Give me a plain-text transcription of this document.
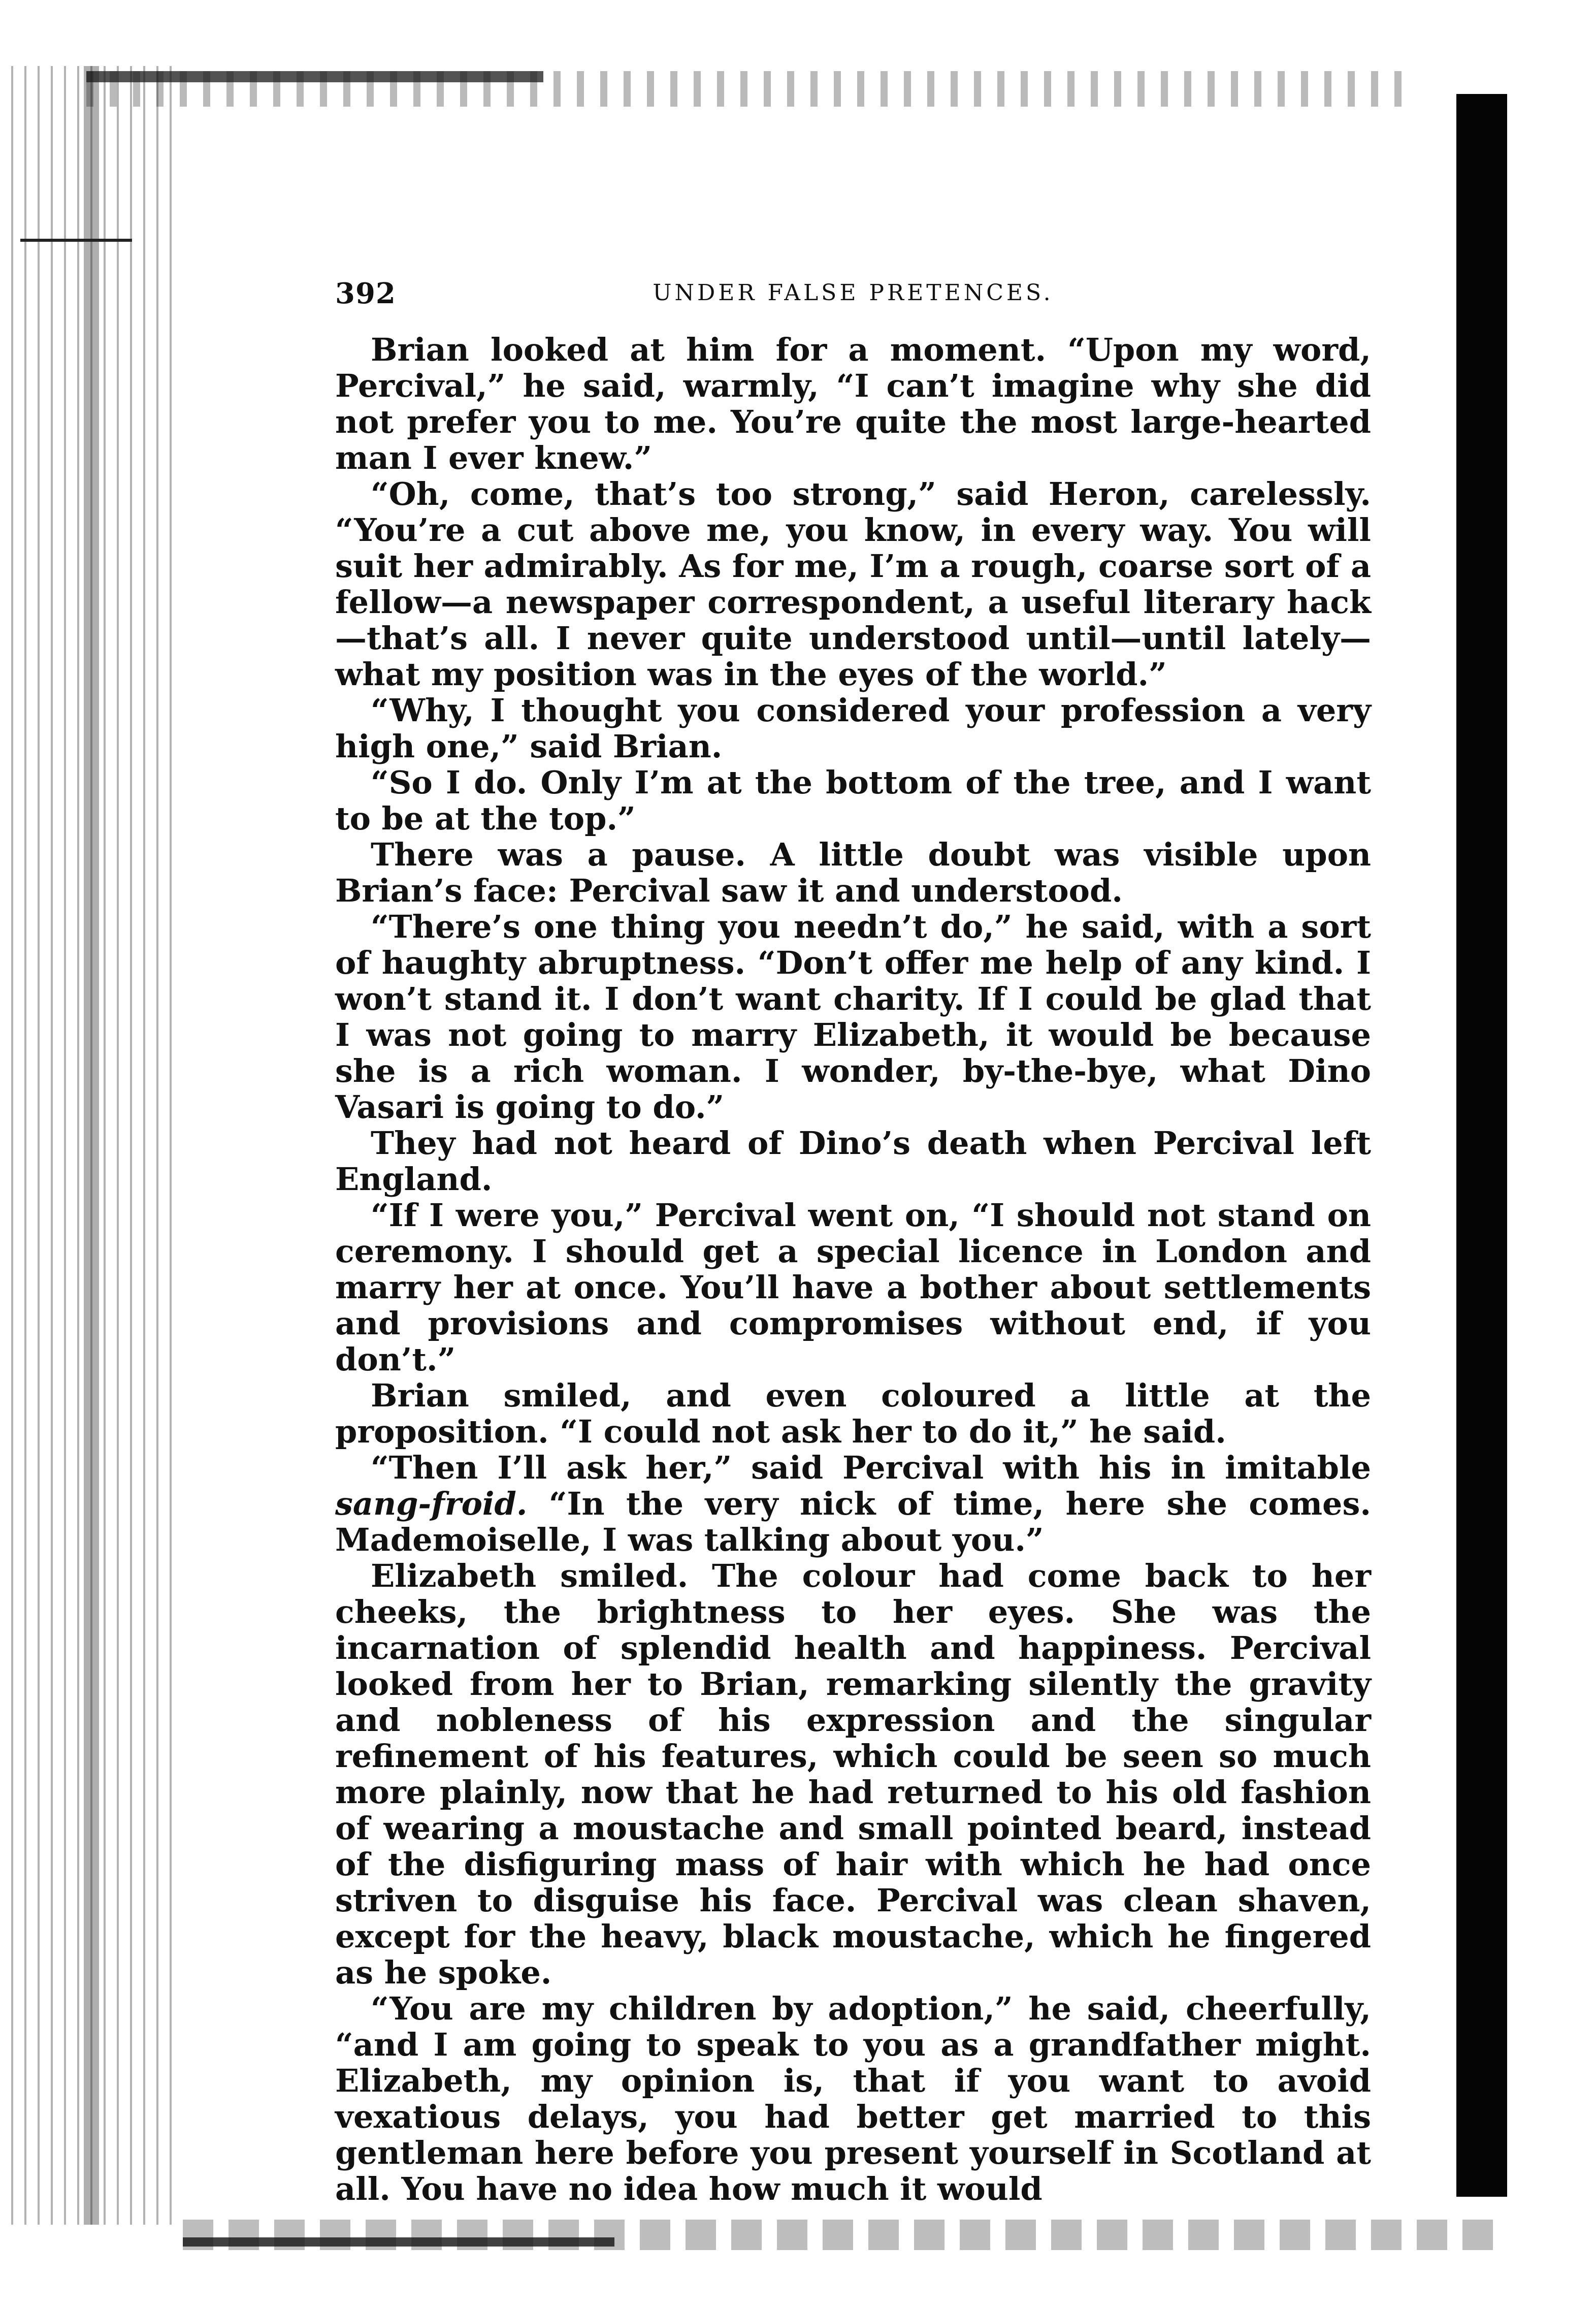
392	UNDER FALSE PRETENCES.

Brian looked at him for a moment. “Upon my word, Percival,” he said, warmly, “I can’t imagine why she did not prefer you to me. You’re quite the most large-hearted man I ever knew.”

“Oh, come, that’s too strong,” said Heron, carelessly. “You’re a cut above me, you know, in every way. You will suit her admirably. As for me, I’m a rough, coarse sort of a fellow—a newspaper correspondent, a useful literary hack—that’s all. I never quite understood until—until lately—what my position was in the eyes of the world.”

“Why, I thought you considered your profession a very high one,” said Brian.

“So I do. Only I’m at the bottom of the tree, and I want to be at the top.”

There was a pause. A little doubt was visible upon Brian’s face: Percival saw it and understood.

“There’s one thing you needn’t do,” he said, with a sort of haughty abruptness. “Don’t offer me help of any kind. I won’t stand it. I don’t want charity. If I could be glad that I was not going to marry Elizabeth, it would be because she is a rich woman. I wonder, by-the-bye, what Dino Vasari is going to do.”

They had not heard of Dino’s death when Percival left England.

“If I were you,” Percival went on, “I should not stand on ceremony. I should get a special licence in London and marry her at once. You’ll have a bother about settlements and provisions and compromises without end, if you don’t.”

Brian smiled, and even coloured a little at the proposition. “I could not ask her to do it,” he said.

“Then I’ll ask her,” said Percival with his in imitable sang-froid. “In the very nick of time, here she comes. Mademoiselle, I was talking about you.”

Elizabeth smiled. The colour had come back to her cheeks, the brightness to her eyes. She was the incarnation of splendid health and happiness. Percival looked from her to Brian, remarking silently the gravity and nobleness of his expression and the singular refinement of his features, which could be seen so much more plainly, now that he had returned to his old fashion of wearing a moustache and small pointed beard, instead of the disfiguring mass of hair with which he had once striven to disguise his face. Percival was clean shaven, except for the heavy, black moustache, which he fingered as he spoke.

“You are my children by adoption,” he said, cheerfully, “and I am going to speak to you as a grandfather might. Elizabeth, my opinion is, that if you want to avoid vexatious delays, you had better get married to this gentleman here before you present yourself in Scotland at all. You have no idea how much it would
